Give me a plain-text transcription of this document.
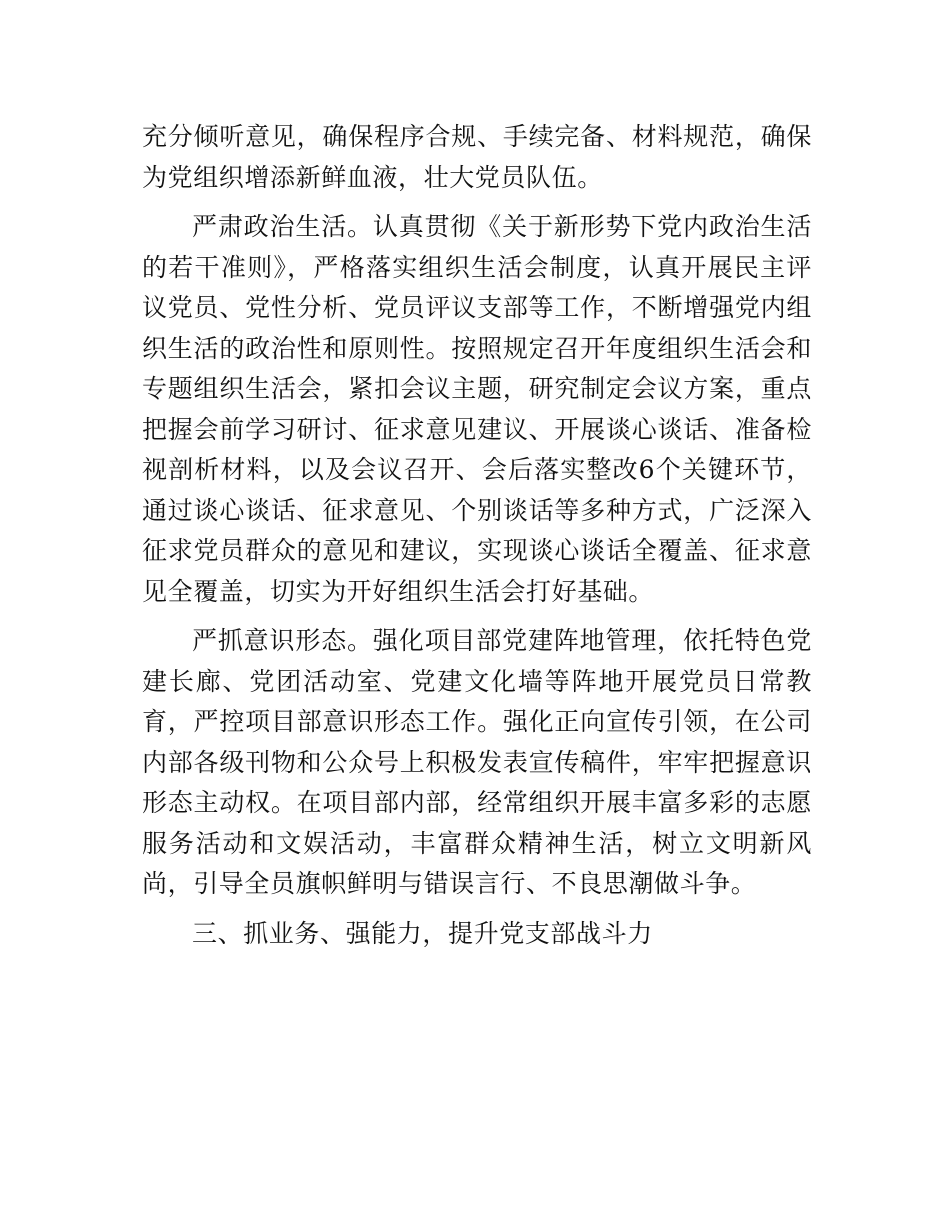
充分倾听意见，确保程序合规、手续完备、材料规范，确保为党组织增添新鲜血液，壮大党员队伍。

严肃政治生活。认真贯彻《关于新形势下党内政治生活的若干准则》，严格落实组织生活会制度，认真开展民主评议党员、党性分析、党员评议支部等工作，不断增强党内组织生活的政治性和原则性。按照规定召开年度组织生活会和专题组织生活会，紧扣会议主题，研究制定会议方案，重点把握会前学习研讨、征求意见建议、开展谈心谈话、准备检视剖析材料，以及会议召开、会后落实整改6个关键环节，通过谈心谈话、征求意见、个别谈话等多种方式，广泛深入征求党员群众的意见和建议，实现谈心谈话全覆盖、征求意见全覆盖，切实为开好组织生活会打好基础。

严抓意识形态。强化项目部党建阵地管理，依托特色党建长廊、党团活动室、党建文化墙等阵地开展党员日常教育，严控项目部意识形态工作。强化正向宣传引领，在公司内部各级刊物和公众号上积极发表宣传稿件，牢牢把握意识形态主动权。在项目部内部，经常组织开展丰富多彩的志愿服务活动和文娱活动，丰富群众精神生活，树立文明新风尚，引导全员旗帜鲜明与错误言行、不良思潮做斗争。

三、抓业务、强能力，提升党支部战斗力
